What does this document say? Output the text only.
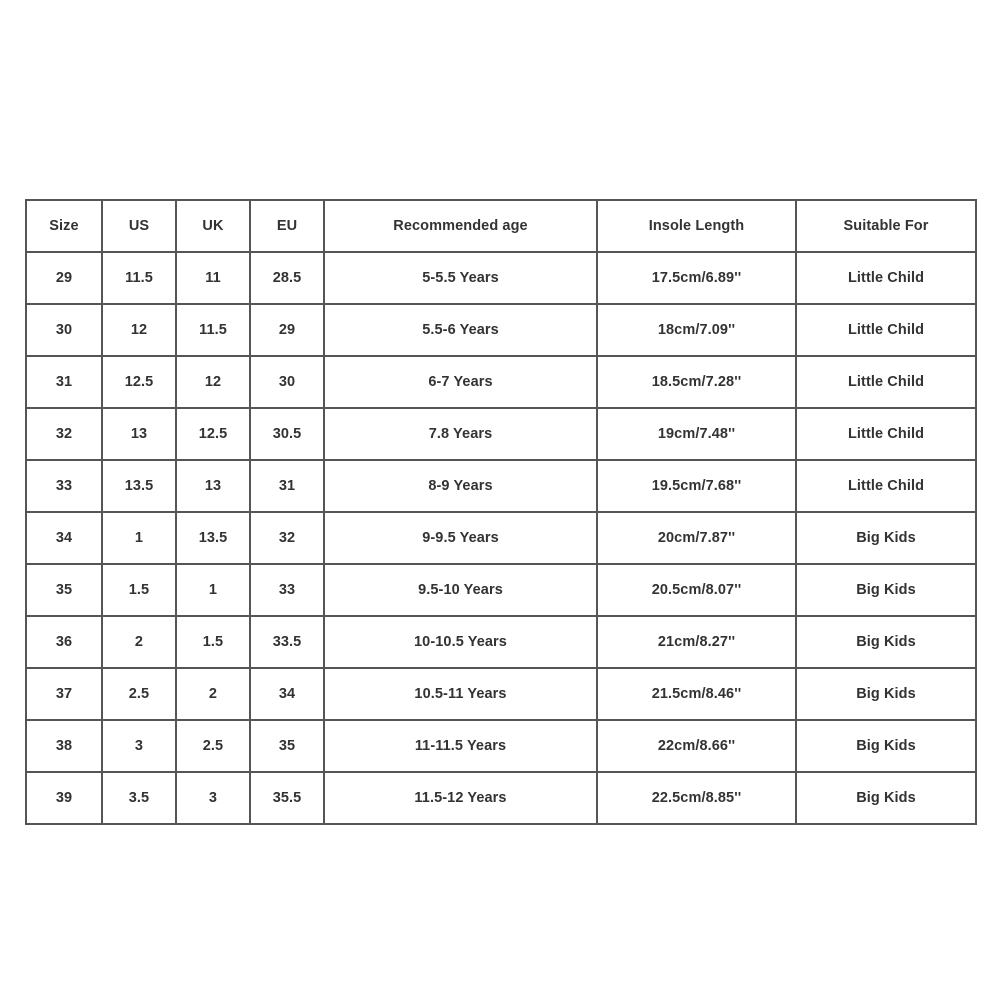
Size	US	UK	EU	Recommended age	Insole Length	Suitable For
29	11.5	11	28.5	5-5.5 Years	17.5cm/6.89''	Little Child
30	12	11.5	29	5.5-6 Years	18cm/7.09''	Little Child
31	12.5	12	30	6-7 Years	18.5cm/7.28''	Little Child
32	13	12.5	30.5	7.8 Years	19cm/7.48''	Little Child
33	13.5	13	31	8-9 Years	19.5cm/7.68''	Little Child
34	1	13.5	32	9-9.5 Years	20cm/7.87''	Big Kids
35	1.5	1	33	9.5-10 Years	20.5cm/8.07''	Big Kids
36	2	1.5	33.5	10-10.5 Years	21cm/8.27''	Big Kids
37	2.5	2	34	10.5-11 Years	21.5cm/8.46''	Big Kids
38	3	2.5	35	11-11.5 Years	22cm/8.66''	Big Kids
39	3.5	3	35.5	11.5-12 Years	22.5cm/8.85''	Big Kids
